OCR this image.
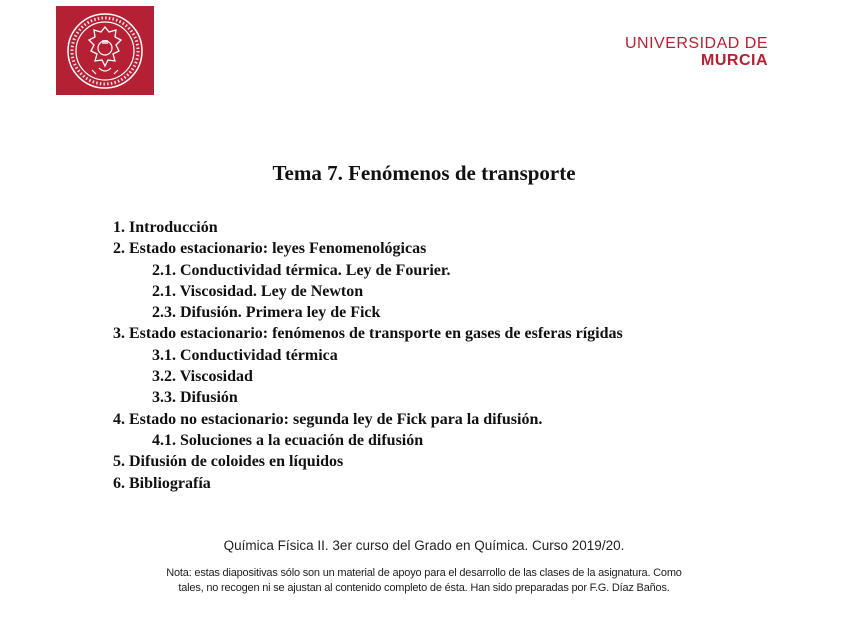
UNIVERSIDAD DE
MURCIA
Tema 7. Fenómenos de transporte
1. Introducción
2. Estado estacionario: leyes Fenomenológicas
2.1. Conductividad térmica. Ley de Fourier.
2.1. Viscosidad. Ley de Newton
2.3. Difusión. Primera ley de Fick
3. Estado estacionario: fenómenos de transporte en gases de esferas rígidas
3.1. Conductividad térmica
3.2. Viscosidad
3.3. Difusión
4. Estado no estacionario: segunda ley de Fick para la difusión.
4.1. Soluciones a la ecuación de difusión
5. Difusión de coloides en líquidos
6. Bibliografía
Química Física II. 3er curso del Grado en Química. Curso 2019/20.
Nota: estas diapositivas sólo son un material de apoyo para el desarrollo de las clases de la asignatura. Como
tales, no recogen ni se ajustan al contenido completo de ésta. Han sido preparadas por F.G. Díaz Baños.
